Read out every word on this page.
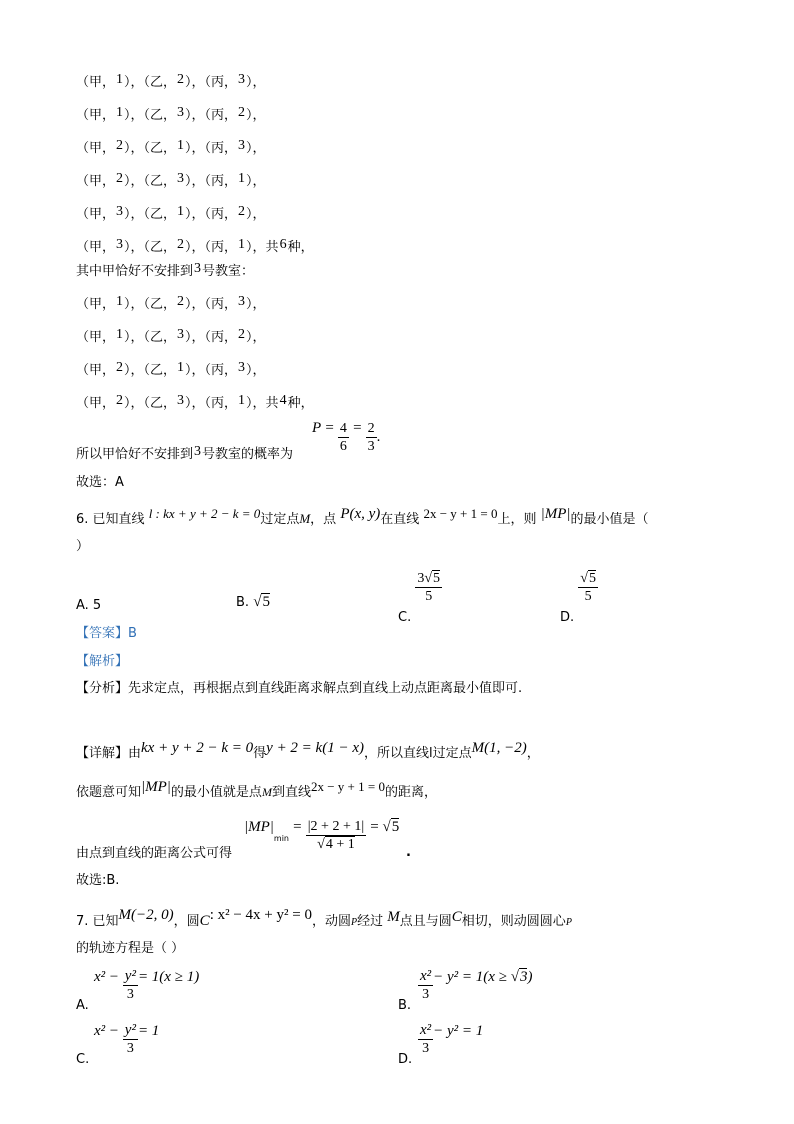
（甲，1），（乙，2），（丙，3），
（甲，1），（乙，3），（丙，2），
（甲，2），（乙，1），（丙，3），
（甲，2），（乙，3），（丙，1），
（甲，3），（乙，1），（丙，2），
（甲，3），（乙，2），（丙，1），共6种，
其中甲恰好不安排到3号教室：
（甲，1），（乙，2），（丙，3），
（甲，1），（乙，3），（丙，2），
（甲，2），（乙，1），（丙，3），
（甲，2），（乙，3），（丙，1），共4种，
所以甲恰好不安排到3号教室的概率为
$P = \frac{4}{6} = \frac{2}{3}$ .
故选：A
6. 已知直线 l : kx + y + 2 − k = 0过定点M，点 P(x, y)在直线 2x − y + 1 = 0上，则 |MP|的最小值是（
）
A. 5	B. √5
C.
$\frac{3√5}{5}$
D.
$\frac{√5}{5}$
【答案】B
【解析】
【分析】先求定点，再根据点到直线距离求解点到直线上动点距离最小值即可.
【详解】由kx + y + 2 − k = 0得y + 2 = k(1 − x)，所以直线l过定点M(1, −2)，
依题意可知|MP|的最小值就是点M到直线2x − y + 1 = 0的距离，
由点到直线的距离公式可得
$|MP|\min = \frac{|2 + 2 + 1|}{√4 + 1} = √5$
.
故选:B.
7. 已知M(−2, 0)，圆C: x² − 4x + y² = 0，动圆P经过 M点且与圆C相切，则动圆圆心P
的轨迹方程是（ ）
A.
$x^2 - \frac{\text{y²}}{3} = 1(x \ge 1)$
B.
$\frac{\text{x²}}{3} - y^2 = 1(x \ge √3)$
C.
$x^2 - \frac{\text{y²}}{3} = 1$
D.
$\frac{\text{x²}}{3} - y^2 = 1$
